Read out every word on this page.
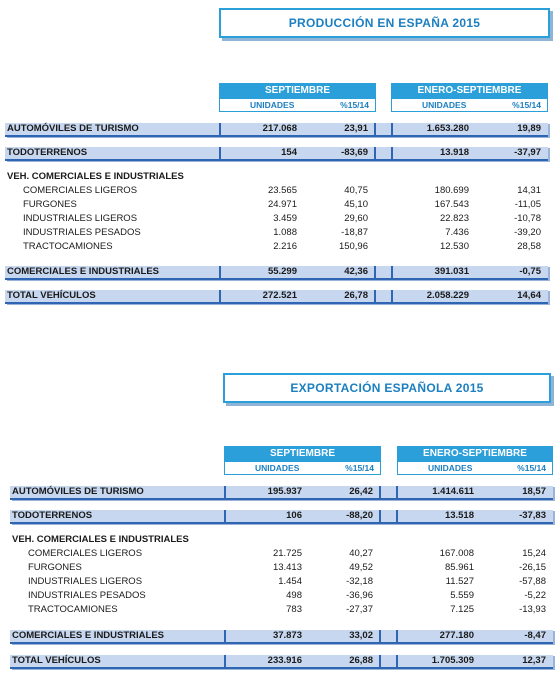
PRODUCCIÓN EN ESPAÑA 2015
SEPTIEMBRE
UNIDADES	%15/14
ENERO-SEPTIEMBRE
UNIDADES	%15/14
AUTOMÓVILES DE TURISMO	217.068	23,91	1.653.280	19,89
TODOTERRENOS	154	-83,69	13.918	-37,97
VEH. COMERCIALES E INDUSTRIALES
COMERCIALES LIGEROS	23.565	40,75	180.699	14,31
FURGONES	24.971	45,10	167.543	-11,05
INDUSTRIALES LIGEROS	3.459	29,60	22.823	-10,78
INDUSTRIALES PESADOS	1.088	-18,87	7.436	-39,20
TRACTOCAMIONES	2.216	150,96	12.530	28,58
COMERCIALES E INDUSTRIALES	55.299	42,36	391.031	-0,75
TOTAL VEHÍCULOS	272.521	26,78	2.058.229	14,64
EXPORTACIÓN ESPAÑOLA 2015
SEPTIEMBRE
UNIDADES	%15/14
ENERO-SEPTIEMBRE
UNIDADES	%15/14
AUTOMÓVILES DE TURISMO	195.937	26,42	1.414.611	18,57
TODOTERRENOS	106	-88,20	13.518	-37,83
VEH. COMERCIALES E INDUSTRIALES
COMERCIALES LIGEROS	21.725	40,27	167.008	15,24
FURGONES	13.413	49,52	85.961	-26,15
INDUSTRIALES LIGEROS	1.454	-32,18	11.527	-57,88
INDUSTRIALES PESADOS	498	-36,96	5.559	-5,22
TRACTOCAMIONES	783	-27,37	7.125	-13,93
COMERCIALES E INDUSTRIALES	37.873	33,02	277.180	-8,47
TOTAL VEHÍCULOS	233.916	26,88	1.705.309	12,37
